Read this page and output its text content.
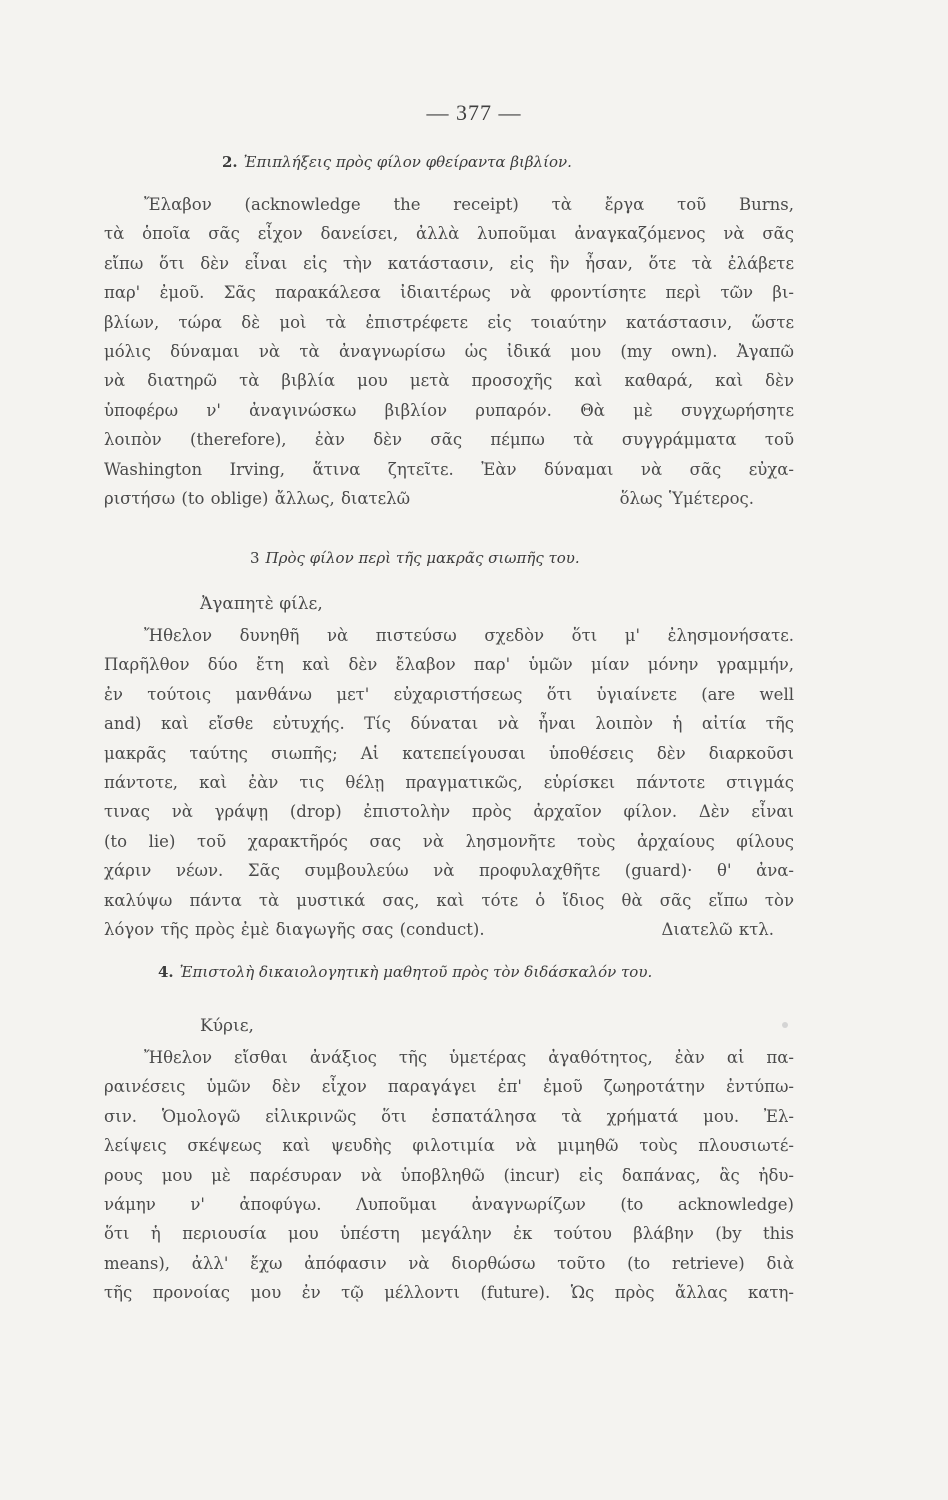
— 377 —

2. Ἐπιπλήξεις πρὸς φίλον φθείραντα βιβλίον.

Ἔλαβον (acknowledge the receipt) τὰ ἔργα τοῦ Burns,
τὰ ὁποῖα σᾶς εἶχον δανείσει, ἀλλὰ λυποῦμαι ἀναγκαζόμενος νὰ σᾶς
εἴπω ὅτι δὲν εἶναι εἰς τὴν κατάστασιν, εἰς ἣν ἦσαν, ὅτε τὰ ἐλάβετε
παρ' ἐμοῦ. Σᾶς παρακάλεσα ἰδιαιτέρως νὰ φροντίσητε περὶ τῶν βι-
βλίων, τώρα δὲ μοὶ τὰ ἐπιστρέφετε εἰς τοιαύτην κατάστασιν, ὥστε
μόλις δύναμαι νὰ τὰ ἀναγνωρίσω ὡς ἰδικά μου (my own). Ἀγαπῶ
νὰ διατηρῶ τὰ βιβλία μου μετὰ προσοχῆς καὶ καθαρά, καὶ δὲν
ὑποφέρω ν' ἀναγινώσκω βιβλίον ρυπαρόν. Θὰ μὲ συγχωρήσητε
λοιπὸν (therefore), ἐὰν δὲν σᾶς πέμπω τὰ συγγράμματα τοῦ
Washington Irving, ἅτινα ζητεῖτε. Ἐὰν δύναμαι νὰ σᾶς εὐχα-
ριστήσω (to oblige) ἄλλως, διατελῶ	ὅλως Ὑμέτερος.

3 Πρὸς φίλον περὶ τῆς μακρᾶς σιωπῆς του.

Ἀγαπητὲ φίλε,

Ἤθελον δυνηθῆ νὰ πιστεύσω σχεδὸν ὅτι μ' ἐλησμονήσατε.
Παρῆλθον δύο ἔτη καὶ δὲν ἔλαβον παρ' ὑμῶν μίαν μόνην γραμμήν,
ἐν τούτοις μανθάνω μετ' εὐχαριστήσεως ὅτι ὑγιαίνετε (are well
and) καὶ εἴσθε εὐτυχής. Τίς δύναται νὰ ἦναι λοιπὸν ἡ αἰτία τῆς
μακρᾶς ταύτης σιωπῆς; Αἱ κατεπείγουσαι ὑποθέσεις δὲν διαρκοῦσι
πάντοτε, καὶ ἐὰν τις θέλῃ πραγματικῶς, εὑρίσκει πάντοτε στιγμάς
τινας νὰ γράψῃ (drop) ἐπιστολὴν πρὸς ἀρχαῖον φίλον. Δὲν εἶναι
(to lie) τοῦ χαρακτῆρός σας νὰ λησμονῆτε τοὺς ἀρχαίους φίλους
χάριν νέων. Σᾶς συμβουλεύω νὰ προφυλαχθῆτε (guard)· θ' ἀνα-
καλύψω πάντα τὰ μυστικά σας, καὶ τότε ὁ ἴδιος θὰ σᾶς εἴπω τὸν
λόγον τῆς πρὸς ἐμὲ διαγωγῆς σας (conduct).	Διατελῶ κτλ.

4. Ἐπιστολὴ δικαιολογητικὴ μαθητοῦ πρὸς τὸν διδάσκαλόν του.

Κύριε,

Ἤθελον εἴσθαι ἀνάξιος τῆς ὑμετέρας ἀγαθότητος, ἐὰν αἱ πα-
ραινέσεις ὑμῶν δὲν εἶχον παραγάγει ἐπ' ἐμοῦ ζωηροτάτην ἐντύπω-
σιν. Ὁμολογῶ εἰλικρινῶς ὅτι ἐσπατάλησα τὰ χρήματά μου. Ἐλ-
λείψεις σκέψεως καὶ ψευδὴς φιλοτιμία νὰ μιμηθῶ τοὺς πλουσιωτέ-
ρους μου μὲ παρέσυραν νὰ ὑποβληθῶ (incur) εἰς δαπάνας, ἃς ἠδυ-
νάμην ν' ἀποφύγω. Λυποῦμαι ἀναγνωρίζων (to acknowledge)
ὅτι ἡ περιουσία μου ὑπέστη μεγάλην ἐκ τούτου βλάβην (by this
means), ἀλλ' ἔχω ἀπόφασιν νὰ διορθώσω τοῦτο (to retrieve) διὰ
τῆς προνοίας μου ἐν τῷ μέλλοντι (future). Ὡς πρὸς ἄλλας κατη-
